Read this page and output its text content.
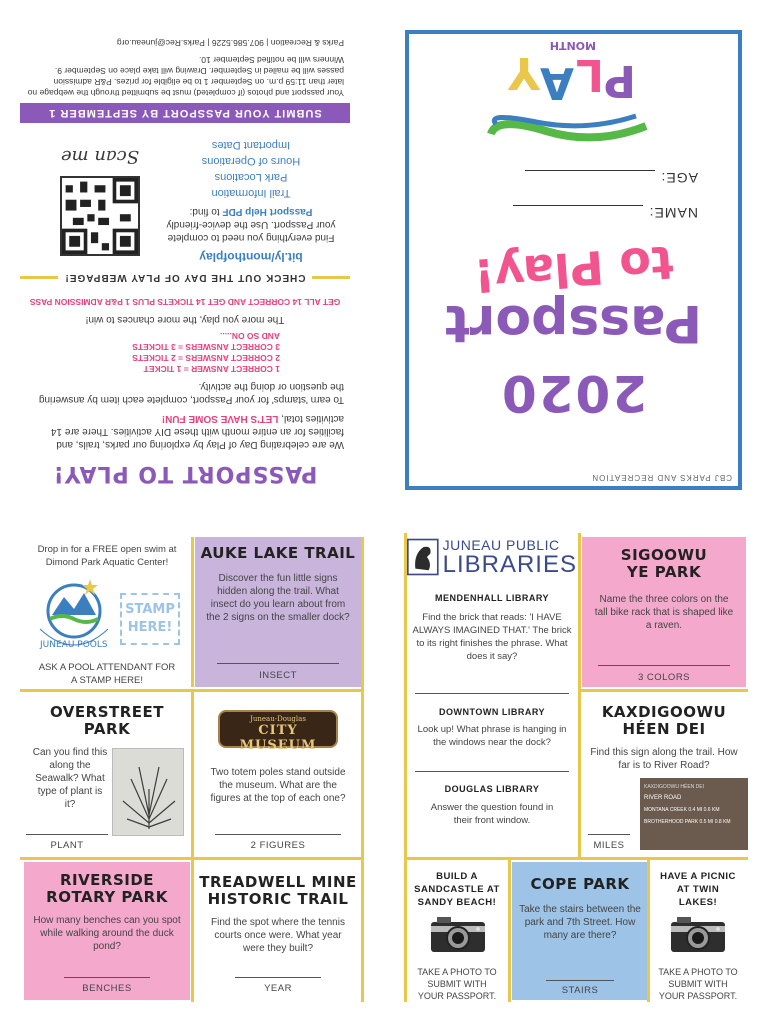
PASSPORT TO PLAY!
We are celebrating Day of Play by exploring our parks, trails, and facilities for an entire month with these DIY activities. There are 14 activities total, LET'S HAVE SOME FUN!
To earn 'stamps' for your Passport, complete each item by answering the question or doing the activity.
1 CORRECT ANSWER = 1 TICKET
2 CORRECT ANSWERS = 2 TICKETS
3 CORRECT ANSWERS = 3 TICKETS
AND SO ON.....
The more you play, the more chances to win!
GET ALL 14 CORRECT AND GET 14 TICKETS PLUS 1 P&R ADMISSION PASS
CHECK OUT THE DAY OF PLAY WEBPAGE!
bit.ly/monthofplay
Find everything you need to complete your Passport. Use the device-friendly Passport Help PDF to find:
Trail Information
Park Locations
Hours of Operations
Important Dates
Scan me
SUBMIT YOUR PASSPORT BY SEPTEMBER 1
Your passport and photos (if completed) must be submitted through the webpage no later than 11:59 p.m. on September 1 to be eligible for prizes. P&R admission passes will be mailed in September. Drawing will take place on September 9. Winners will be notified September 10.
Parks & Recreation | 907.586.5226 | Parks.Rec@juneau.org
CBJ PARKS AND RECREATION
2020
Passport
to Play!
NAME:
AGE:
P
L
A
Y
MONTH
Drop in for a FREE open swim at Dimond Park Aquatic Center!
JUNEAU POOLS
STAMP HERE!
ASK A POOL ATTENDANT FOR A STAMP HERE!
AUKE LAKE TRAIL
Discover the fun little signs hidden along the trail. What insect do you learn about from the 2 signs on the smaller dock?
INSECT
OVERSTREET
PARK
Can you find this along the Seawalk? What type of plant is it?
PLANT
Juneau-Douglas
CITY MUSEUM
Two totem poles stand outside the museum. What are the figures at the top of each one?
2 FIGURES
RIVERSIDE
ROTARY PARK
How many benches can you spot while walking around the duck pond?
BENCHES
TREADWELL MINE
HISTORIC TRAIL
Find the spot where the tennis courts once were. What year were they built?
YEAR
JUNEAU PUBLIC
LIBRARIES
MENDENHALL LIBRARY
Find the brick that reads: 'I HAVE ALWAYS IMAGINED THAT.' The brick to its right finishes the phrase. What does it say?
DOWNTOWN LIBRARY
Look up! What phrase is hanging in the windows near the dock?
DOUGLAS LIBRARY
Answer the question found in their front window.
SIGOOWU
YE PARK
Name the three colors on the tall bike rack that is shaped like a raven.
3 COLORS
KAXDIGOOWU
HÉEN DEI
Find this sign along the trail. How far is to River Road?
KAXDIGOOWU HÉEN DEI
RIVER ROAD
MONTANA CREEK 0.4 MI 0.6 KM
BROTHERHOOD PARK 0.5 MI 0.8 KM
MILES
BUILD A SANDCASTLE AT SANDY BEACH!
TAKE A PHOTO TO SUBMIT WITH YOUR PASSPORT.
COPE PARK
Take the stairs between the park and 7th Street. How many are there?
STAIRS
HAVE A PICNIC AT TWIN LAKES!
TAKE A PHOTO TO SUBMIT WITH YOUR PASSPORT.
